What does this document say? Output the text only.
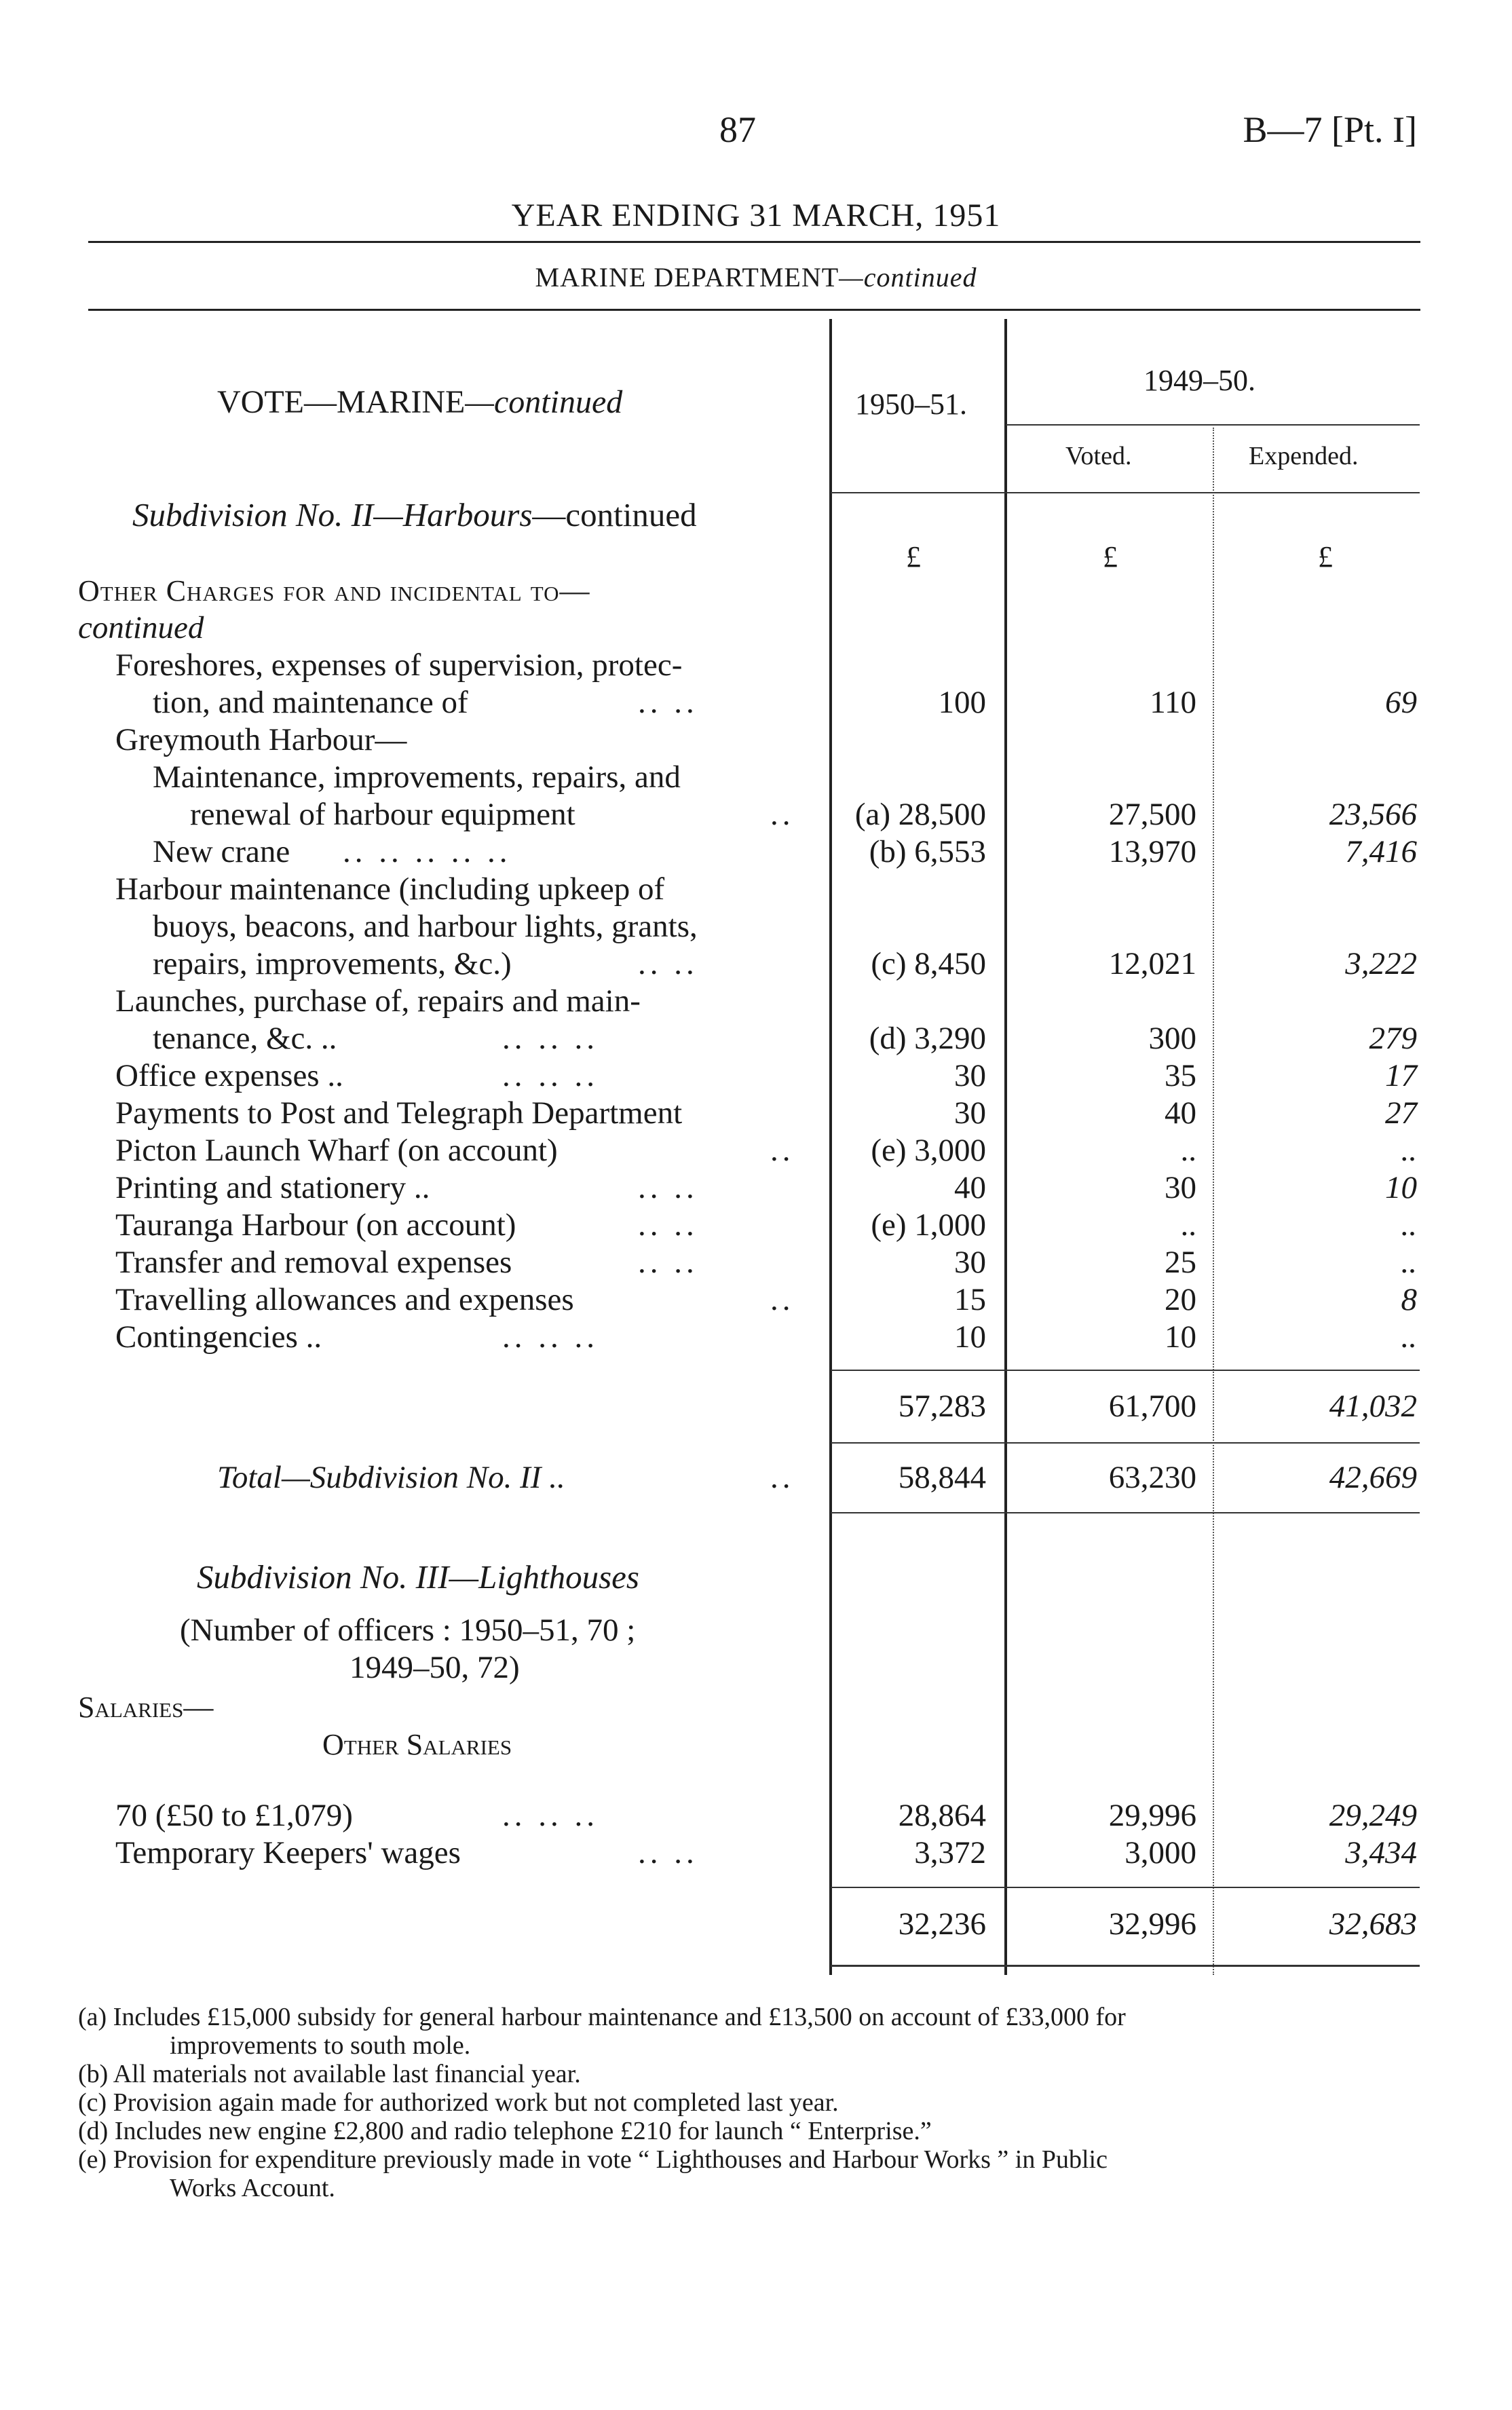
87	B—7 [Pt. I]
YEAR ENDING 31 MARCH, 1951
MARINE DEPARTMENT—continued
VOTE—MARINE—continued	1950–51.
1949–50.
Voted.	Expended.
Subdivision No. II—Harbours—continued
£	£	£
Other Charges for and incidental to—
continued
Foreshores, expenses of supervision, protec-
tion, and maintenance of	.. ..	100	110	69
Greymouth Harbour—
Maintenance, improvements, repairs, and
renewal of harbour equipment	.. (a) 28,500	27,500	23,566
New crane .. .. .. .. ..	(b) 6,553	13,970	7,416
Harbour maintenance (including upkeep of
buoys, beacons, and harbour lights, grants,
repairs, improvements, &c.)	.. ..	(c) 8,450	12,021	3,222
Launches, purchase of, repairs and main-
tenance, &c. ..	.. .. ..	(d) 3,290	300	279
Office expenses ..	.. .. ..	30	35	17
Payments to Post and Telegraph Department	30	40	27
Picton Launch Wharf (on account)	.. (e) 3,000	..	..
Printing and stationery ..	.. ..	40	30	10
Tauranga Harbour (on account)	.. ..	(e) 1,000	..	..
Transfer and removal expenses	.. ..	30	25	..
Travelling allowances and expenses	..	15	20	8
Contingencies ..	.. .. ..	10	10	..
57,283	61,700	41,032
Total—Subdivision No. II ..	..	58,844	63,230	42,669
Subdivision No. III—Lighthouses
(Number of officers : 1950–51, 70 ;
1949–50, 72)
Salaries—
Other Salaries
70 (£50 to £1,079)	.. .. ..	28,864	29,996	29,249
Temporary Keepers' wages	.. ..	3,372	3,000	3,434
32,236	32,996	32,683
(a) Includes £15,000 subsidy for general harbour maintenance and £13,500 on account of £33,000 for
improvements to south mole.
(b) All materials not available last financial year.
(c) Provision again made for authorized work but not completed last year.
(d) Includes new engine £2,800 and radio telephone £210 for launch “ Enterprise.”
(e) Provision for expenditure previously made in vote “ Lighthouses and Harbour Works ” in Public
Works Account.
